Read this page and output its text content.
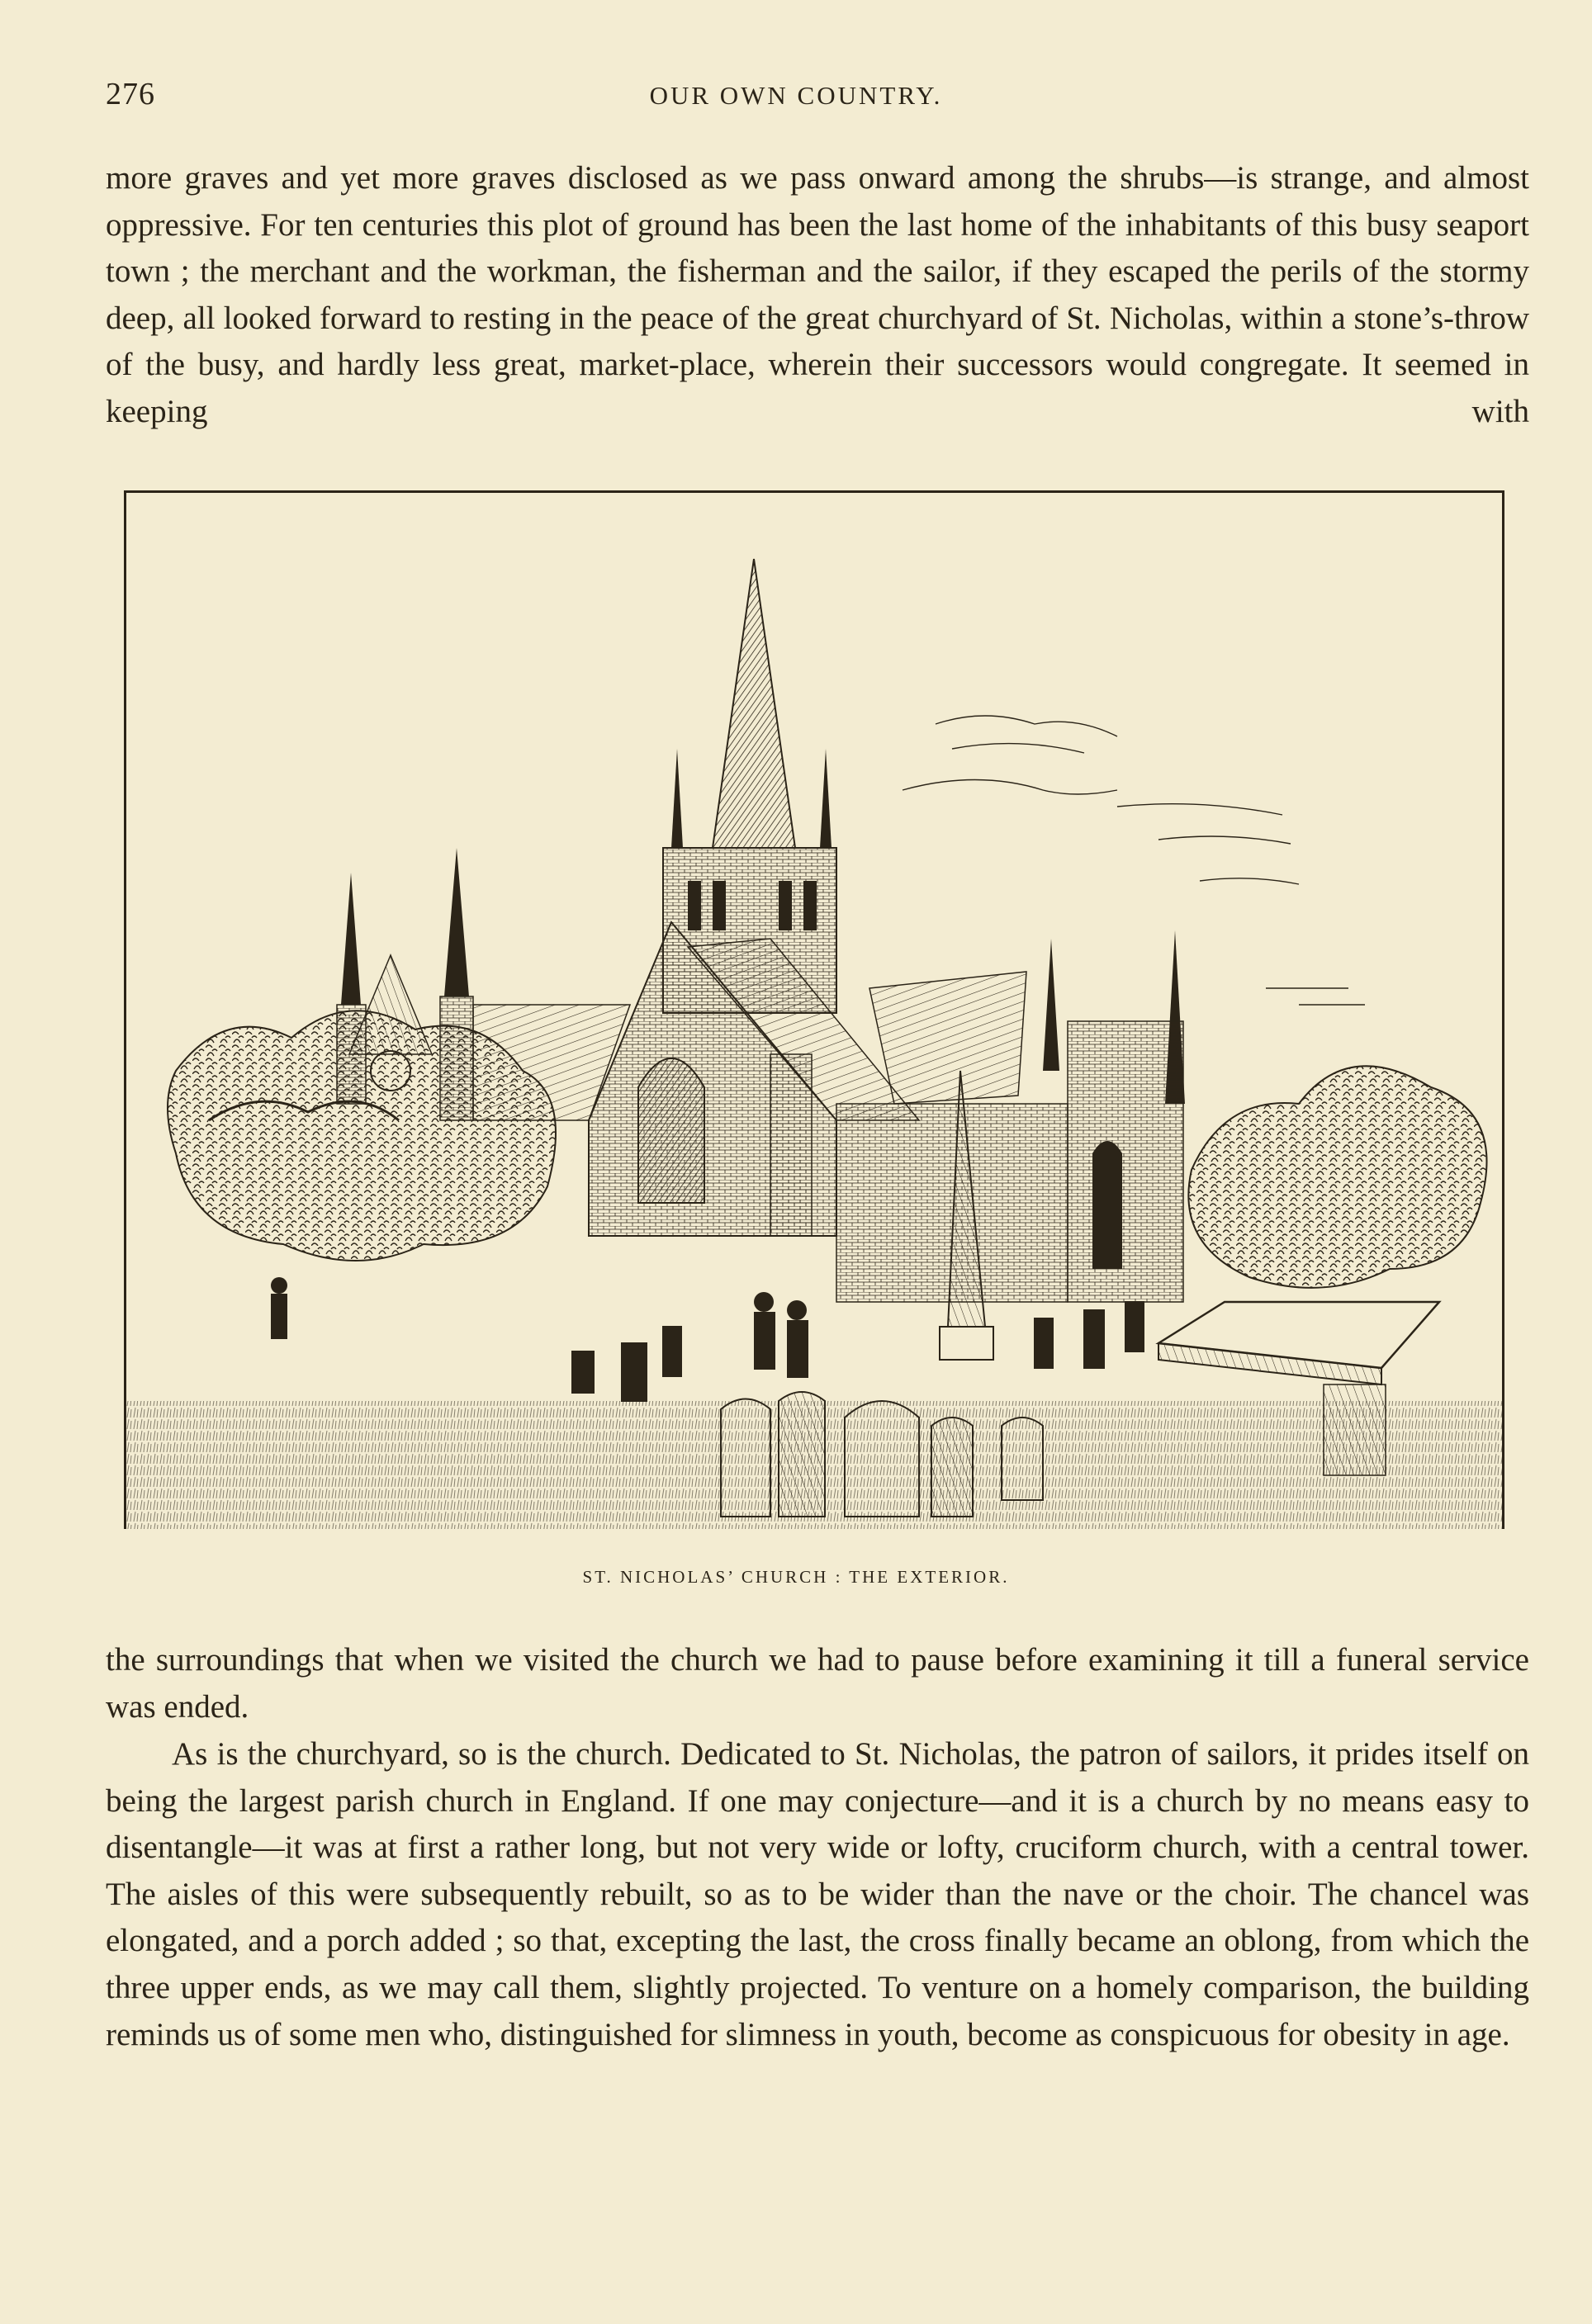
276	OUR OWN COUNTRY.

more graves and yet more graves disclosed as we pass onward among the shrubs—is strange, and almost oppressive. For ten centuries this plot of ground has been the last home of the inhabitants of this busy seaport town ; the merchant and the workman, the fisherman and the sailor, if they escaped the perils of the stormy deep, all looked forward to resting in the peace of the great churchyard of St. Nicholas, within a stone’s-throw of the busy, and hardly less great, market-place, wherein their successors would congregate. It seemed in keeping with

ST. NICHOLAS’ CHURCH : THE EXTERIOR.

the surroundings that when we visited the church we had to pause before examining it till a funeral service was ended.

As is the churchyard, so is the church. Dedicated to St. Nicholas, the patron of sailors, it prides itself on being the largest parish church in England. If one may conjecture—and it is a church by no means easy to disentangle—it was at first a rather long, but not very wide or lofty, cruciform church, with a central tower. The aisles of this were subsequently rebuilt, so as to be wider than the nave or the choir. The chancel was elongated, and a porch added ; so that, excepting the last, the cross finally became an oblong, from which the three upper ends, as we may call them, slightly projected. To venture on a homely comparison, the building reminds us of some men who, distinguished for slimness in youth, become as conspicuous for obesity in age.
